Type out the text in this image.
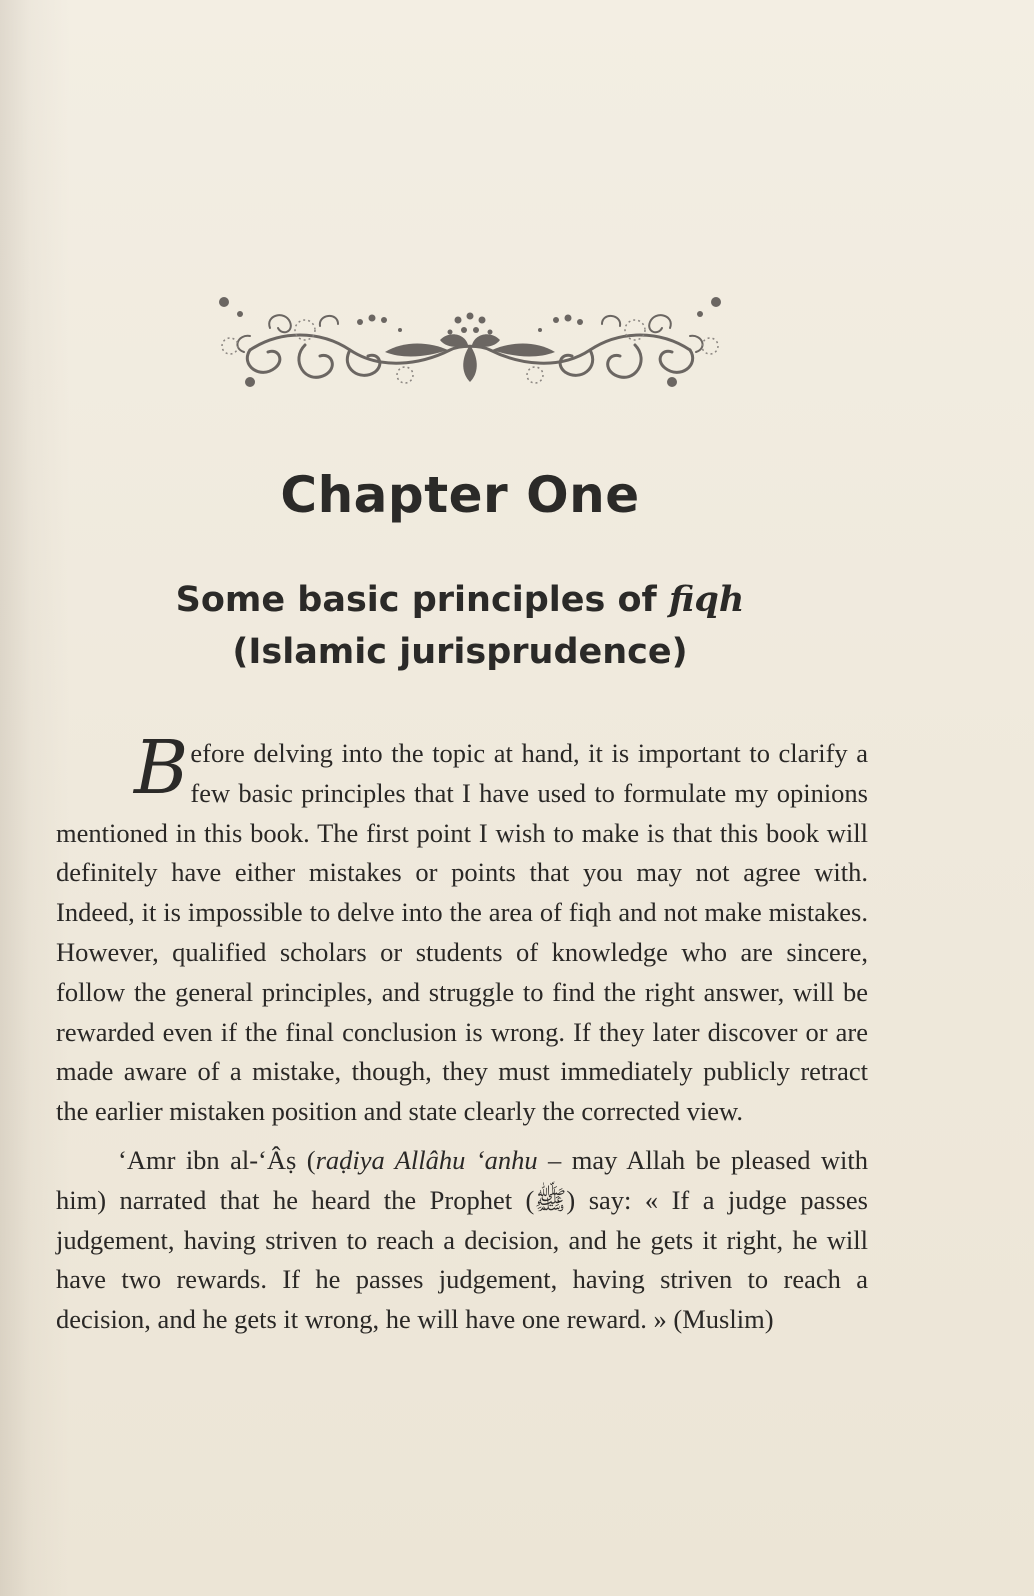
Chapter One
Some basic principles of fiqh
(Islamic jurisprudence)

Before delving into the topic at hand, it is important to clarify a few basic principles that I have used to formulate my opinions mentioned in this book. The first point I wish to make is that this book will definitely have either mistakes or points that you may not agree with. Indeed, it is impossible to delve into the area of fiqh and not make mistakes. However, qualified scholars or students of knowledge who are sincere, follow the general principles, and struggle to find the right answer, will be rewarded even if the final conclusion is wrong. If they later discover or are made aware of a mistake, though, they must immediately publicly retract the earlier mistaken position and state clearly the corrected view.

‘Amr ibn al-‘Âṣ (raḍiya Allâhu ‘anhu – may Allah be pleased with him) narrated that he heard the Prophet (ﷺ) say: « If a judge passes judgement, having striven to reach a decision, and he gets it right, he will have two rewards. If he passes judgement, having striven to reach a decision, and he gets it wrong, he will have one reward. » (Muslim)
